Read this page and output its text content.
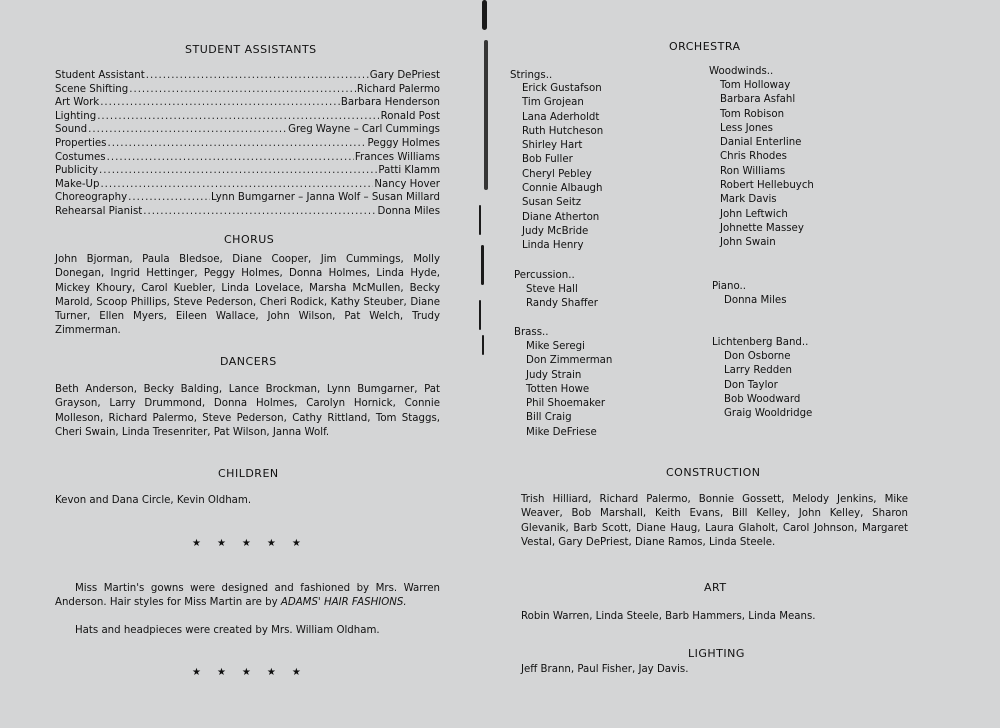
STUDENT ASSISTANTS
Student Assistant .....	Gary DePriest
Scene Shifting .....	Richard Palermo
Art Work .....	Barbara Henderson
Lighting .....	Ronald Post
Sound .....	Greg Wayne – Carl Cummings
Properties .....	Peggy Holmes
Costumes .....	Frances Williams
Publicity .....	Patti Klamm
Make-Up .....	Nancy Hover
Choreography .....	Lynn Bumgarner – Janna Wolf – Susan Millard
Rehearsal Pianist .....	Donna Miles
CHORUS
John Bjorman, Paula Bledsoe, Diane Cooper, Jim Cummings, Molly Donegan, Ingrid Hettinger, Peggy Holmes, Donna Holmes, Linda Hyde, Mickey Khoury, Carol Kuebler, Linda Lovelace, Marsha McMullen, Becky Marold, Scoop Phillips, Steve Pederson, Cheri Rodick, Kathy Steuber, Diane Turner, Ellen Myers, Eileen Wallace, John Wilson, Pat Welch, Trudy Zimmerman.
DANCERS
Beth Anderson, Becky Balding, Lance Brockman, Lynn Bumgarner, Pat Grayson, Larry Drummond, Donna Holmes, Carolyn Hornick, Connie Molleson, Richard Palermo, Steve Pederson, Cathy Rittland, Tom Staggs, Cheri Swain, Linda Tresenriter, Pat Wilson, Janna Wolf.
CHILDREN
Kevon and Dana Circle, Kevin Oldham.
★★★★★
Miss Martin's gowns were designed and fashioned by Mrs. Warren Anderson. Hair styles for Miss Martin are by ADAMS' HAIR FASHIONS.
Hats and headpieces were created by Mrs. William Oldham.
★★★★★
ORCHESTRA
Strings..
Erick Gustafson
Tim Grojean
Lana Aderholdt
Ruth Hutcheson
Shirley Hart
Bob Fuller
Cheryl Pebley
Connie Albaugh
Susan Seitz
Diane Atherton
Judy McBride
Linda Henry
Percussion..
Steve Hall
Randy Shaffer
Brass..
Mike Seregi
Don Zimmerman
Judy Strain
Totten Howe
Phil Shoemaker
Bill Craig
Mike DeFriese
Woodwinds..
Tom Holloway
Barbara Asfahl
Tom Robison
Less Jones
Danial Enterline
Chris Rhodes
Ron Williams
Robert Hellebuych
Mark Davis
John Leftwich
Johnette Massey
John Swain
Piano..
Donna Miles
Lichtenberg Band..
Don Osborne
Larry Redden
Don Taylor
Bob Woodward
Graig Wooldridge
CONSTRUCTION
Trish Hilliard, Richard Palermo, Bonnie Gossett, Melody Jenkins, Mike Weaver, Bob Marshall, Keith Evans, Bill Kelley, John Kelley, Sharon Glevanik, Barb Scott, Diane Haug, Laura Glaholt, Carol Johnson, Margaret Vestal, Gary DePriest, Diane Ramos, Linda Steele.
ART
Robin Warren, Linda Steele, Barb Hammers, Linda Means.
LIGHTING
Jeff Brann, Paul Fisher, Jay Davis.
